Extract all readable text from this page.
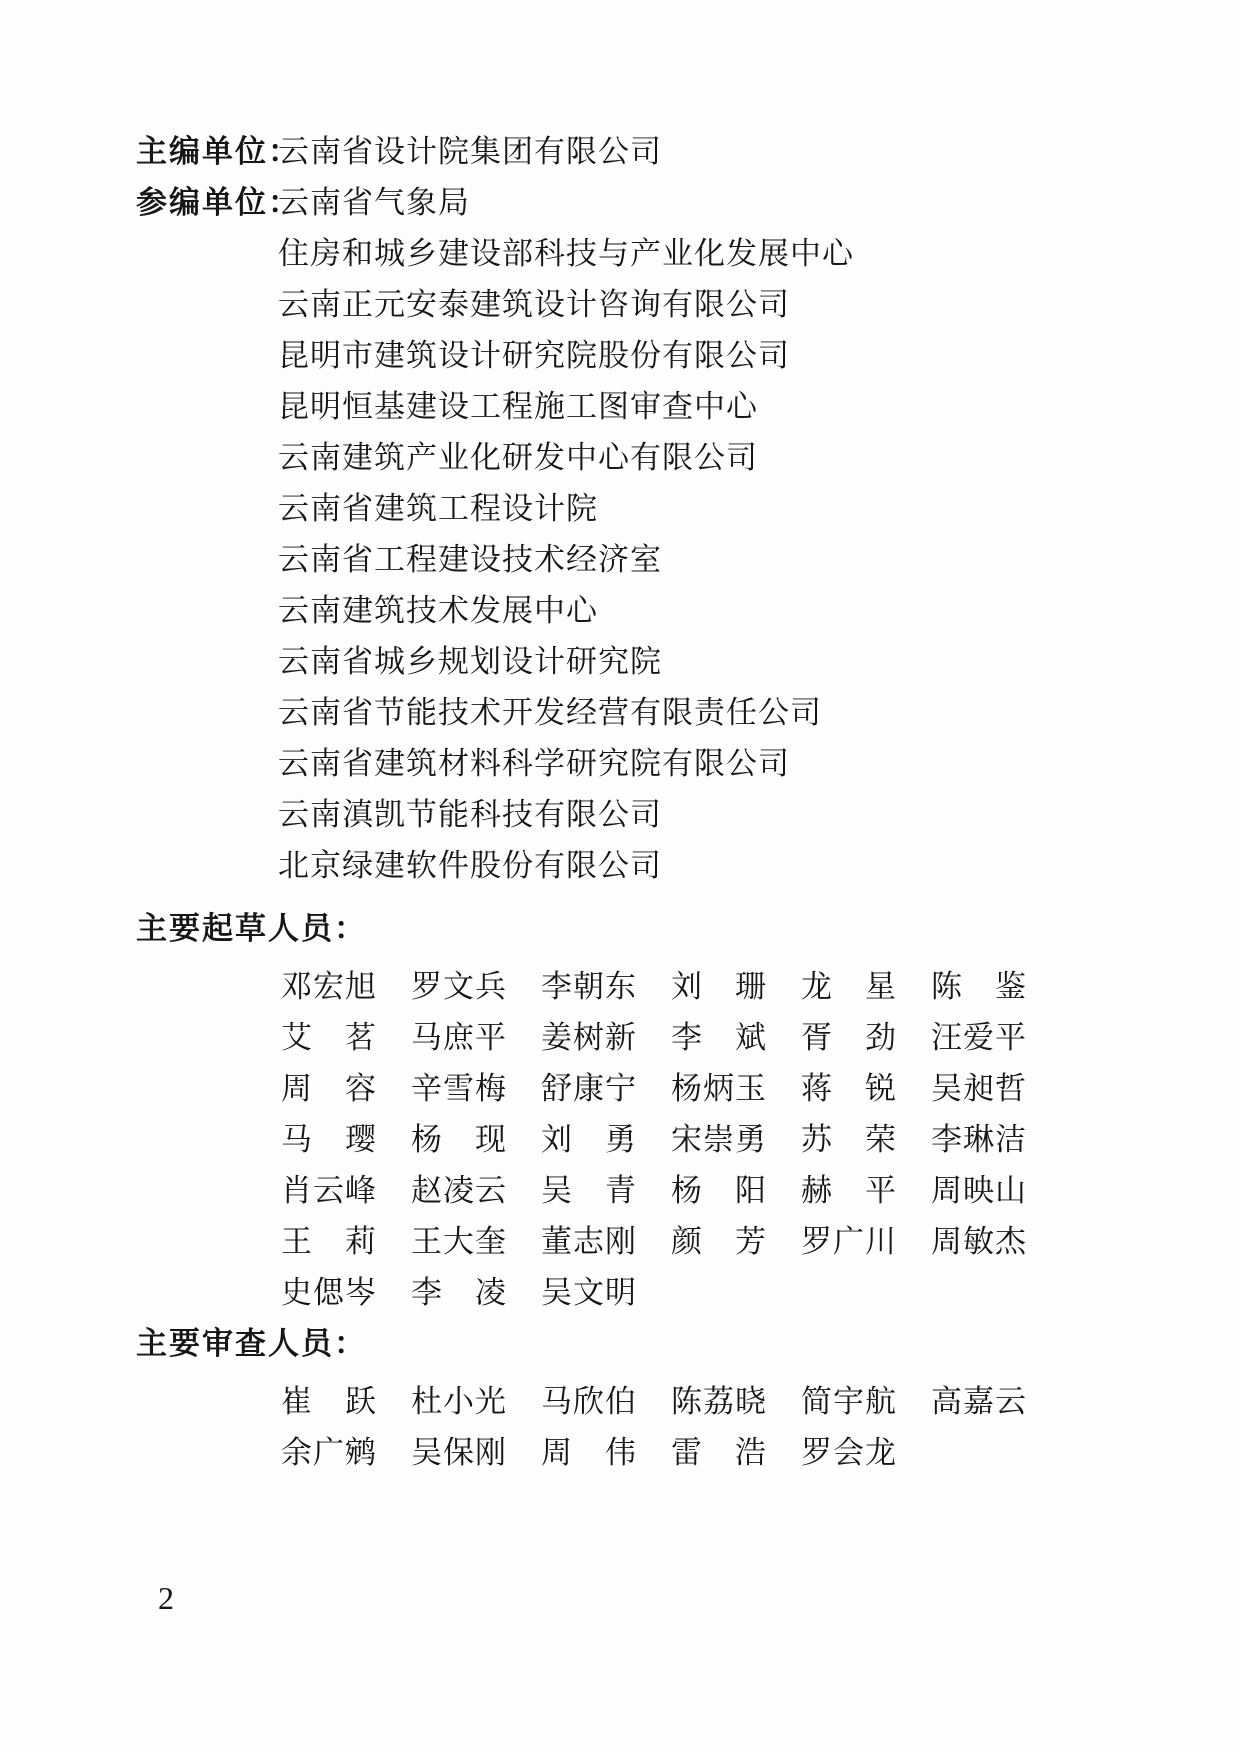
主编单位：
云南省设计院集团有限公司
参编单位：
云南省气象局
住房和城乡建设部科技与产业化发展中心
云南正元安泰建筑设计咨询有限公司
昆明市建筑设计研究院股份有限公司
昆明恒基建设工程施工图审查中心
云南建筑产业化研发中心有限公司
云南省建筑工程设计院
云南省工程建设技术经济室
云南建筑技术发展中心
云南省城乡规划设计研究院
云南省节能技术开发经营有限责任公司
云南省建筑材料科学研究院有限公司
云南滇凯节能科技有限公司
北京绿建软件股份有限公司
主要起草人员：
邓宏旭 罗文兵 李朝东 刘　珊 龙　星 陈　鉴
艾　茗 马庶平 姜树新 李　斌 胥　劲 汪爱平
周　容 辛雪梅 舒康宁 杨炳玉 蒋　锐 吴昶哲
马　璎 杨　现 刘　勇 宋崇勇 苏　荣 李琳洁
肖云峰 赵凌云 吴　青 杨　阳 赫　平 周映山
王　莉 王大奎 董志刚 颜　芳 罗广川 周敏杰
史偲岑 李　凌 吴文明
主要审查人员：
崔　跃 杜小光 马欣伯 陈荔晓 简宇航 高嘉云
余广鹓 吴保刚 周　伟 雷　浩 罗会龙
2
